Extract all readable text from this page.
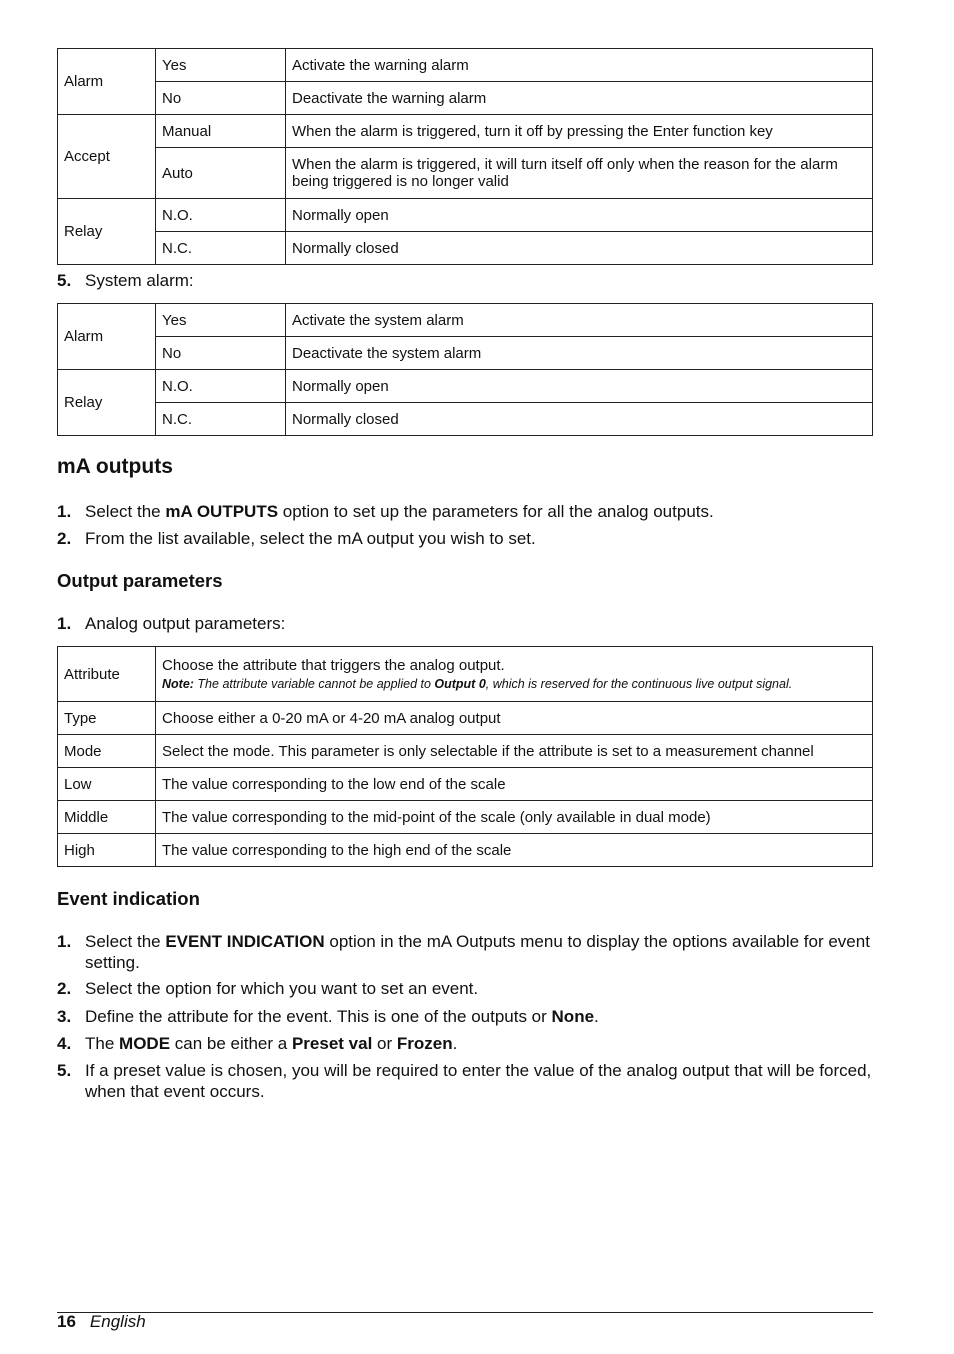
Alarm	Yes	Activate the warning alarm
	No	Deactivate the warning alarm
Accept	Manual	When the alarm is triggered, turn it off by pressing the Enter function key
	Auto	When the alarm is triggered, it will turn itself off only when the reason for the alarm being triggered is no longer valid
Relay	N.O.	Normally open
	N.C.	Normally closed
5. System alarm:
Alarm	Yes	Activate the system alarm
	No	Deactivate the system alarm
Relay	N.O.	Normally open
	N.C.	Normally closed
mA outputs
1. Select the mA OUTPUTS option to set up the parameters for all the analog outputs.
2. From the list available, select the mA output you wish to set.
Output parameters
1. Analog output parameters:
Attribute	Choose the attribute that triggers the analog output.
Note: The attribute variable cannot be applied to Output 0, which is reserved for the continuous live output signal.

Type	Choose either a 0-20 mA or 4-20 mA analog output
Mode	Select the mode. This parameter is only selectable if the attribute is set to a measurement channel
Low	The value corresponding to the low end of the scale
Middle	The value corresponding to the mid-point of the scale (only available in dual mode)
High	The value corresponding to the high end of the scale
Event indication
1. Select the EVENT INDICATION option in the mA Outputs menu to display the options available for event setting.
2. Select the option for which you want to set an event.
3. Define the attribute for the event. This is one of the outputs or None.
4. The MODE can be either a Preset val or Frozen.
5. If a preset value is chosen, you will be required to enter the value of the analog output that will be forced, when that event occurs.
16 English
